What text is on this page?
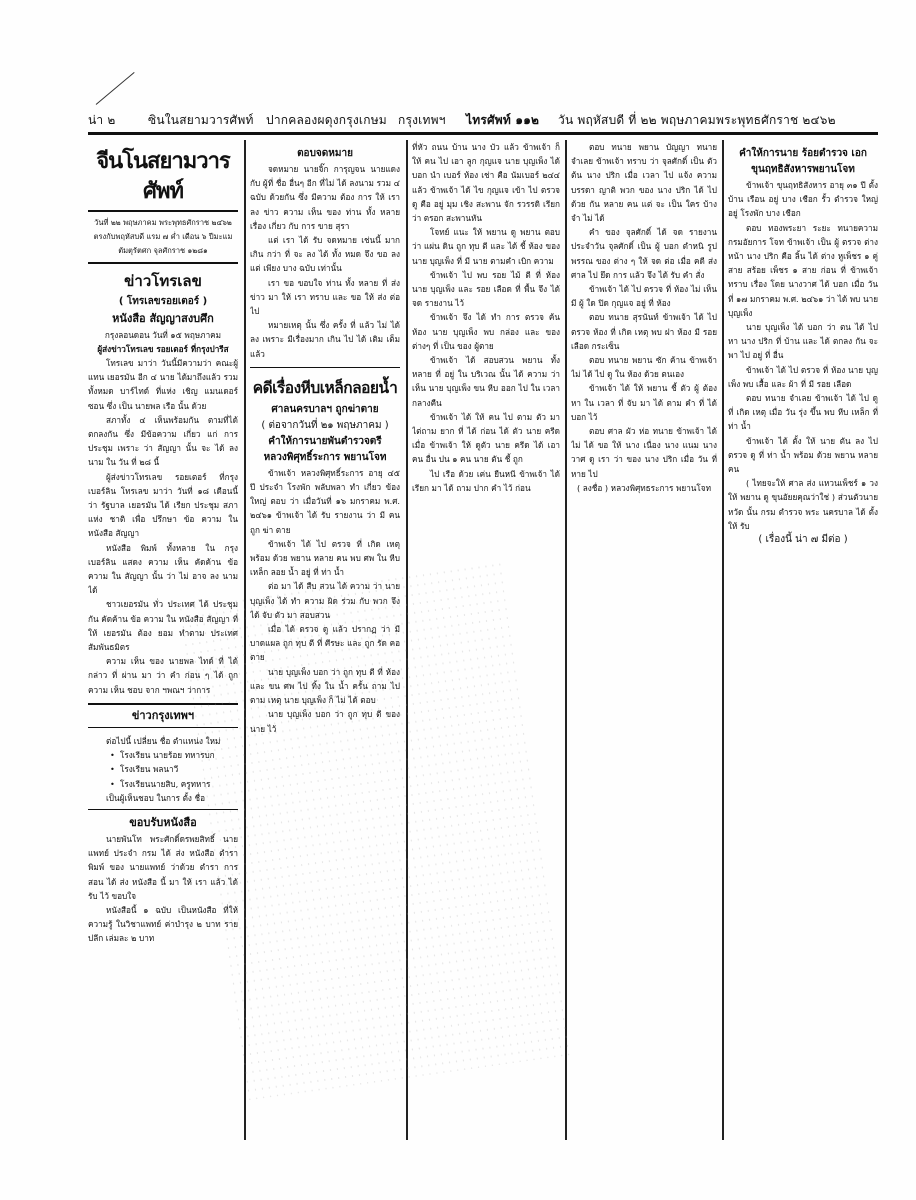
น่า ๒	ซินในสยามวารศัพท์ ปากคลองผดุงกรุงเกษม กรุงเทพฯ ไทรศัพท์ ๑๑๒ วัน พฤหัสบดี ที่ ๒๒ พฤษภาคม พระพุทธศักราช ๒๔๖๒
จีนโนสยามวารศัพท์

วันที่ ๒๒ พฤษภาคม พระพุทธศักราช ๒๔๖๒

ตรงกับพฤหัสบดี แรม ๗ ค่ำ เดือน ๖ ปีมะแม

ตัมตุรัตศก จุลศักราช ๑๒๘๑

ข่าวโทรเลข
( โทรเลขรอยเตอร์ )
หนังสือ สัญญาสงบศึก

กรุงลอนดอน วันที่ ๑๕ พฤษภาคม

ผู้ส่งข่าวโทรเลข รอยเตอร์ ที่กรุงปารีส

โทรเลข มาว่า วันนี้มีความว่า คณะผู้แทน เยอรมัน อีก ๔ นาย ได้มาถึงแล้ว รวมทั้งหมด บาร์ไทด์ ที่แห่ง เชิญ แมนเดอร์ ซอน ซึ่ง เป็น นายพล เรือ นั้น ด้วย

สภาทั้ง ๔ เห็นพร้อมกัน ตามที่ได้ตกลงกัน ซึ่ง มีข้อความ เกี่ยว แก่ การ ประชุม เพราะ ว่า สัญญา นั้น จะ ได้ ลง นาม ใน วัน ที่ ๒๘ นี้

ผู้ส่งข่าวโทรเลข รอยเตอร์ ที่กรุง เบอร์ลิน โทรเลข มาว่า วันที่ ๑๘ เดือนนี้ ว่า รัฐบาล เยอรมัน ได้ เรียก ประชุม สภา แห่ง ชาติ เพื่อ ปรึกษา ข้อ ความ ใน หนังสือ สัญญา

หนังสือ พิมพ์ ทั้งหลาย ใน กรุง เบอร์ลิน แสดง ความ เห็น คัดค้าน ข้อ ความ ใน สัญญา นั้น ว่า ไม่ อาจ ลง นาม ได้

ชาวเยอรมัน ทั่ว ประเทศ ได้ ประชุม กัน คัดค้าน ข้อ ความ ใน หนังสือ สัญญา ที่ ให้ เยอรมัน ต้อง ยอม ทำตาม ประเทศ สัมพันธมิตร

ความ เห็น ของ นายพล ไทด์ ที่ ได้ กล่าว ที่ ผ่าน มา ว่า คำ ก่อน ๆ ได้ ถูก ความ เห็น ชอบ จาก ฯพณฯ ว่าการ

ข่าวกรุงเทพฯ

ต่อไปนี้ เปลี่ยน ชื่อ ตำแหน่ง ใหม่

• โรงเรียน นายร้อย ทหารบก

• โรงเรียน พลนาวี

• โรงเรียนนายสิบ, ครูทหาร

เป็นผู้เห็นชอบ ในการ ตั้ง ชื่อ

ขอบรับหนังสือ

นายพันโท พระศักดิ์ดรพยสิทธิ์ นายแพทย์ ประจำ กรม ได้ ส่ง หนังสือ ตำรา พิมพ์ ของ นายแพทย์ ว่าด้วย ตำรา การ สอน ได้ ส่ง หนังสือ นี้ มา ให้ เรา แล้ว ได้ รับ ไว้ ขอบใจ

หนังสือนี้ ๑ ฉบับ เป็นหนังสือ ที่ให้ความรู้ ในวิชาแพทย์ ค่าบำรุง ๒ บาท ราย ปลีก เล่มละ ๒ บาท

ตอบจดหมาย

จดหมาย นายจิ๊ก การุญจน นายแดง กับ ผู้ที่ ชื่อ อื่นๆ อีก ที่ไม่ ได้ ลงนาม รวม ๔ ฉบับ ด้วยกัน ซึ่ง มีความ ต้อง การ ให้ เรา ลง ข่าว ความ เห็น ของ ท่าน ทั้ง หลาย เรื่อง เกี่ยว กับ การ ขาย สุรา

แต่ เรา ได้ รับ จดหมาย เช่นนี้ มาก เกิน กว่า ที่ จะ ลง ได้ ทั้ง หมด จึง ขอ ลง แต่ เพียง บาง ฉบับ เท่านั้น

เรา ขอ ขอบใจ ท่าน ทั้ง หลาย ที่ ส่ง ข่าว มา ให้ เรา ทราบ และ ขอ ให้ ส่ง ต่อไป

หมายเหตุ นั้น ซึ่ง ครั้ง ที่ แล้ว ไม่ ได้ ลง เพราะ มีเรื่องมาก เกิน ไป ได้ เติม เต็ม แล้ว

คดีเรื่องหีบเหล็กลอยน้ำ
ศาลนครบาลฯ ถูกฆ่าตาย
( ต่อจากวันที่ ๒๑ พฤษภาคม )
คำให้การนายพันตำรวจตรี
หลวงพิศุทธิ์ระการ พยานโจท

ข้าพเจ้า หลวงพิศุทธิ์ระการ อายุ ๔๕ ปี ประจำ โรงพัก พลับพลา ทำ เกี่ยว ข้อง ใหญ่ ตอบ ว่า เมื่อวันที่ ๑๖ มกราคม พ.ศ. ๒๔๖๑ ข้าพเจ้า ได้ รับ รายงาน ว่า มี คน ถูก ฆ่า ตาย

ข้าพเจ้า ได้ ไป ตรวจ ที่ เกิด เหตุ พร้อม ด้วย พยาน หลาย คน พบ ศพ ใน หีบ เหล็ก ลอย น้ำ อยู่ ที่ ท่า น้ำ

ต่อ มา ได้ สืบ สวน ได้ ความ ว่า นาย บุญเพ็ง ได้ ทำ ความ ผิด ร่วม กับ พวก จึง ได้ จับ ตัว มา สอบสวน

เมื่อ ได้ ตรวจ ดู แล้ว ปรากฏ ว่า มี บาดแผล ถูก ทุบ ตี ที่ ศีรษะ และ ถูก รัด คอ ตาย

นาย บุญเพ็ง บอก ว่า ถูก ทุบ ตี ที่ ห้อง และ ขน ศพ ไป ทิ้ง ใน น้ำ ครั้น ถาม ไป ตาม เหตุ นาย บุญเพ็ง ก็ ไม่ ได้ ตอบ

นาย บุญเพ็ง บอก ว่า ถูก ทุบ ตี ของ นาย ไว้

ที่หัว ถนน บ้าน นาง บัว แล้ว ข้าพเจ้า ก็ ให้ คน ไป เอา ลูก กุญแจ นาย บุญเพ็ง ได้ บอก นำ เบอร์ ห้อง เช่า คือ นัมเบอร์ ๒๔๔ แล้ว ข้าพเจ้า ได้ ไข กุญแจ เข้า ไป ตรวจ ดู คือ อยู่ มุม เชิง สะพาน จัก รวรรดิ เรียก ว่า ตรอก สะพานหัน

โจทย์ แนะ ให้ พยาน ดู พยาน ตอบ ว่า แผ่น ดิน ถูก ทุบ ตี และ ได้ ชี้ ห้อง ของ นาย บุญเพ็ง ที่ มี นาย ตามคำ เบิก ความ

ข้าพเจ้า ไป พบ รอย ไม้ ตี ที่ ห้อง นาย บุญเพ็ง และ รอย เลือด ที่ พื้น จึง ได้ จด รายงาน ไว้

ข้าพเจ้า จึง ได้ ทำ การ ตรวจ ค้น ห้อง นาย บุญเพ็ง พบ กล่อง และ ของ ต่างๆ ที่ เป็น ของ ผู้ตาย

ข้าพเจ้า ได้ สอบสวน พยาน ทั้ง หลาย ที่ อยู่ ใน บริเวณ นั้น ได้ ความ ว่า เห็น นาย บุญเพ็ง ขน หีบ ออก ไป ใน เวลา กลางคืน

ข้าพเจ้า ได้ ให้ คน ไป ตาม ตัว มา ไต่ถาม ยาก ที่ ได้ ก่อน ได้ ตัว นาย ครีด เมื่อ ข้าพเจ้า ให้ ดูตัว นาย ครีด ได้ เอา คน อื่น ปน ๑ คน นาย ตัน ชี้ ถูก

ไป เรือ ด้วย เค่น ยืนหนี ข้าพเจ้า ได้ เรียก มา ได้ ถาม ปาก คำ ไว้ ก่อน

ตอบ ทนาย พยาน บัญญา ทนาย จำเลย ข้าพเจ้า ทราบ ว่า จุลศักดิ์ เป็น ตัว ต้น นาง ปริก เมื่อ เวลา ไป แจ้ง ความ บรรดา ญาติ พวก ของ นาง ปริก ได้ ไป ด้วย กัน หลาย คน แต่ จะ เป็น ใคร บ้าง จำ ไม่ ได้

คำ ของ จุลศักดิ์ ได้ จด รายงาน ประจำวัน จุลศักดิ์ เป็น ผู้ บอก ตำหนิ รูปพรรณ ของ ต่าง ๆ ให้ จด ต่อ เมื่อ คดี ส่ง ศาล ไป ยึด การ แล้ว จึง ได้ รับ คำ สั่ง

ข้าพเจ้า ได้ ไป ตรวจ ที่ ห้อง ไม่ เห็น มี ผู้ ใด ปิด กุญแจ อยู่ ที่ ห้อง

ตอบ ทนาย สุรนันท์ ข้าพเจ้า ได้ ไป ตรวจ ห้อง ที่ เกิด เหตุ พบ ฝา ห้อง มี รอย เลือด กระเซ็น

ตอบ ทนาย พยาน ซัก ค้าน ข้าพเจ้า ไม่ ได้ ไป ดู ใน ห้อง ด้วย ตนเอง

ข้าพเจ้า ได้ ให้ พยาน ชี้ ตัว ผู้ ต้อง หา ใน เวลา ที่ จับ มา ได้ ตาม คำ ที่ ได้ บอก ไว้

ตอบ ศาล ผัว ห่อ ทนาย ข้าพเจ้า ได้ ไม่ ได้ ขอ ให้ นาง เนื่อง นาง แนม นาง วาศ ดู เรา ว่า ของ นาง ปริก เมื่อ วัน ที่ หาย ไป

( ลงชื่อ ) หลวงพิศุทธระการ พยานโจท

คำให้การนาย ร้อยตำรวจ เอก
ขุนฤทธิสังหารพยานโจท

ข้าพเจ้า ขุนฤทธิสังหาร อายุ ๓๑ ปี ตั้ง บ้าน เรือน อยู่ บาง เชือก รั้ว ตำรวจ ใหญ่ อยู่ โรงพัก บาง เชือก

ตอบ ทองพระยา ระยะ ทนายความ กรมอัยการ โจท ข้าพเจ้า เป็น ผู้ ตรวจ ต่างหน้า นาง ปริก คือ ลิ้น ได้ ต่าง หูเพ็ชร ๑ คู่ สาย สร้อย เพ็ชร ๑ สาย ก่อน ที่ ข้าพเจ้า ทราบ เรื่อง โดย นางวาศ ได้ บอก เมื่อ วันที่ ๑๗ มกราคม พ.ศ. ๒๔๖๑ ว่า ได้ พบ นาย บุญเพ็ง

นาย บุญเพ็ง ได้ บอก ว่า ตน ได้ ไป หา นาง ปริก ที่ บ้าน และ ได้ ตกลง กัน จะ พา ไป อยู่ ที่ อื่น

ข้าพเจ้า ได้ ไป ตรวจ ที่ ห้อง นาย บุญเพ็ง พบ เสื้อ และ ผ้า ที่ มี รอย เลือด

ตอบ ทนาย จำเลย ข้าพเจ้า ได้ ไป ดู ที่ เกิด เหตุ เมื่อ วัน รุ่ง ขึ้น พบ หีบ เหล็ก ที่ ท่า น้ำ

ข้าพเจ้า ได้ ตั้ง ให้ นาย ตัน ลง ไป ตรวจ ดู ที่ ท่า น้ำ พร้อม ด้วย พยาน หลาย คน

( ไทยจะให้ ศาล ส่ง แหวนเพ็ชร์ ๑ วง ให้ พยาน ดู ขุนอัยยคุณว่าใช่ ) ส่วนตัวนายหวัด นั้น กรม ตำรวจ พระ นครบาล ได้ ตั้ง ให้ รับ

( เรื่องนี้ น่า ๗ มีต่อ )
